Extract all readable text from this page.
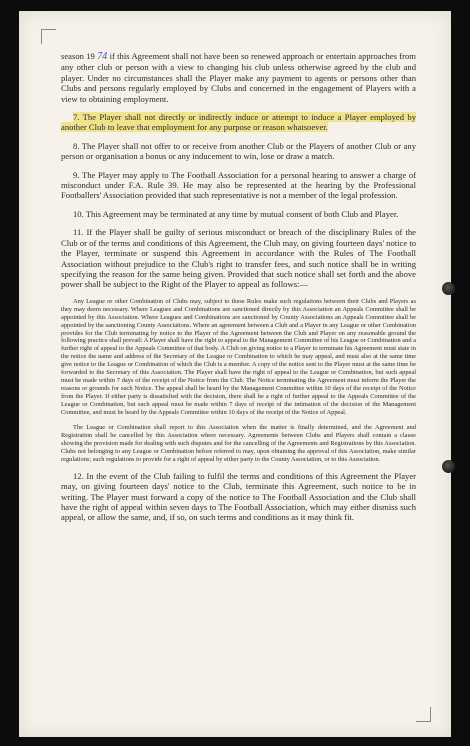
season 19 74 if this Agreement shall not have been so renewed approach or entertain approaches from any other club or person with a view to changing his club unless otherwise agreed by the club and player. Under no circumstances shall the Player make any payment to agents or persons other than Clubs and persons regularly employed by Clubs and concerned in the engagement of Players with a view to obtaining employment.

7. The Player shall not directly or indirectly induce or attempt to induce a Player employed by another Club to leave that employment for any purpose or reason whatsoever.

8. The Player shall not offer to or receive from another Club or the Players of another Club or any person or organisation a bonus or any inducement to win, lose or draw a match.

9. The Player may apply to The Football Association for a personal hearing to answer a charge of misconduct under F.A. Rule 39. He may also be represented at the hearing by the Professional Footballers' Association provided that such representative is not a member of the legal profession.

10. This Agreement may be terminated at any time by mutual consent of both Club and Player.

11. If the Player shall be guilty of serious misconduct or breach of the disciplinary Rules of the Club or of the terms and conditions of this Agreement, the Club may, on giving fourteen days' notice to the Player, terminate or suspend this Agreement in accordance with the Rules of The Football Association without prejudice to the Club's right to transfer fees, and such notice shall be in writing specifying the reason for the same being given. Provided that such notice shall set forth and the above power shall be subject to the Right of the Player to appeal as follows:—

Any League or other Combination of Clubs may, subject to these Rules make such regulations between their Clubs and Players as they may deem necessary. Where Leagues and Combinations are sanctioned directly by this Association an Appeals Committee shall be appointed by this Association. Where Leagues and Combinations are sanctioned by County Associations an Appeals Committee shall be appointed by the sanctioning County Associations. Where an agreement between a Club and a Player in any League or other Combination provides for the Club terminating by notice to the Player of the Agreement between the Club and Player on any reasonable ground the following practice shall prevail: A Player shall have the right to appeal to the Management Committee of his League or Combination and a further right of appeal to the Appeals Committee of that body. A Club on giving notice to a Player to terminate his Agreement must state in the notice the name and address of the Secretary of the League or Combination to which he may appeal, and must also at the same time give notice to the League or Combination of which the Club is a member. A copy of the notice sent to the Player must at the same time be forwarded to the Secretary of this Association. The Player shall have the right of appeal to the League or Combination, but such appeal must be made within 7 days of the receipt of the Notice from the Club. The Notice terminating the Agreement must inform the Player the reasons or grounds for such Notice. The appeal shall be heard by the Management Committee within 10 days of the receipt of the Notice from the Player. If either party is dissatisfied with the decision, there shall be a right of further appeal to the Appeals Committee of the League or Combination, but such appeal must be made within 7 days of receipt of the intimation of the decision of the Management Committee, and must be heard by the Appeals Committee within 10 days of the receipt of the Notice of Appeal.

The League or Combination shall report to this Association when the matter is finally determined, and the Agreement and Registration shall be cancelled by this Association where necessary. Agreements between Clubs and Players shall contain a clause showing the provision made for dealing with such disputes and for the cancelling of the Agreements and Registrations by this Association. Clubs not belonging to any League or Combination before referred to may, upon obtaining the approval of this Association, make similar regulations; such regulations to provide for a right of appeal by either party to the County Association, or to this Association.

12. In the event of the Club failing to fulfil the terms and conditions of this Agreement the Player may, on giving fourteen days' notice to the Club, terminate this Agreement, such notice to be in writing. The Player must forward a copy of the notice to The Football Association and the Club shall have the right of appeal within seven days to The Football Association, which may either dismiss such appeal, or allow the same, and, if so, on such terms and conditions as it may think fit.
